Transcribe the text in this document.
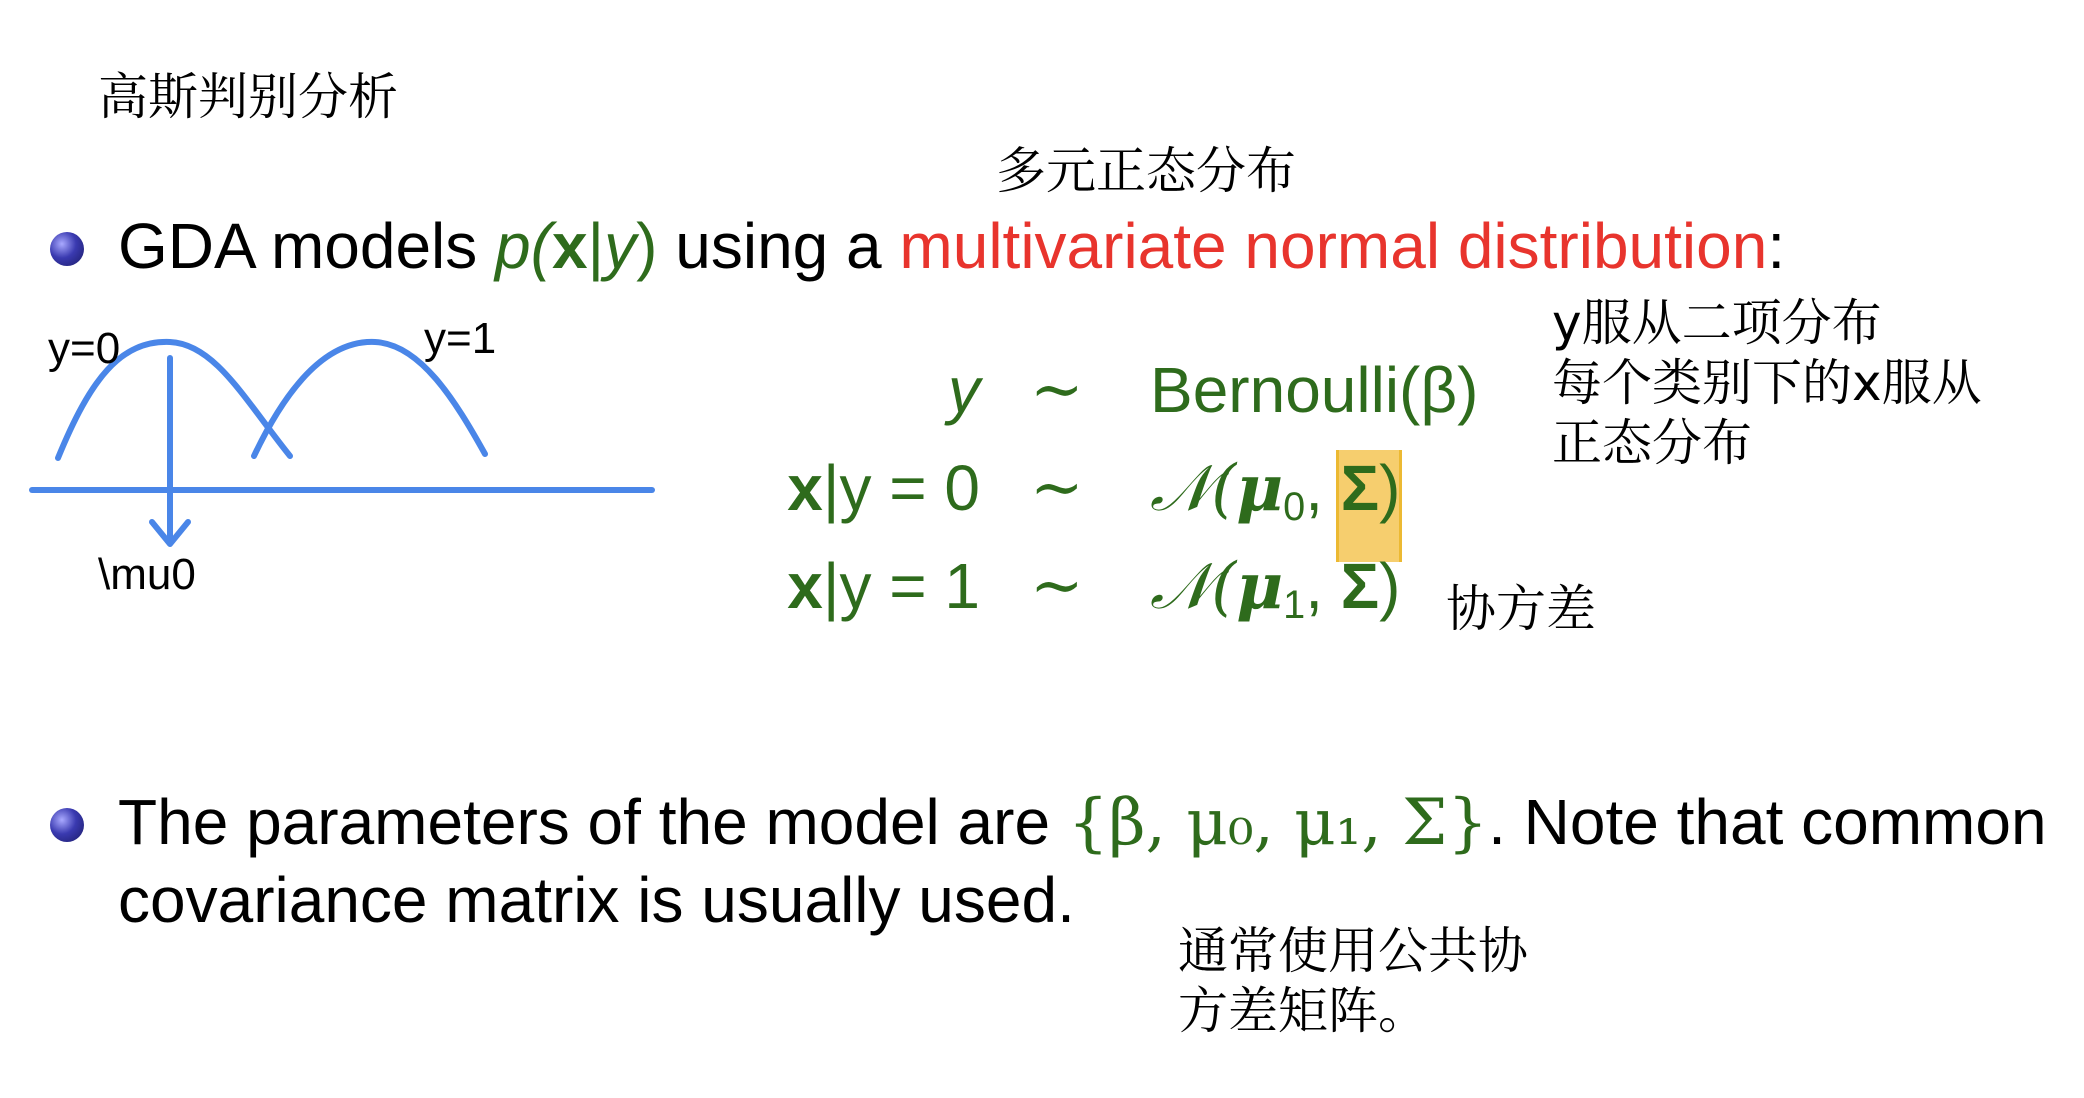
高斯判别分析
多元正态分布
GDA models p(x|y) using a multivariate normal distribution:
y=0	y=1
\mu0
y ∼ Bernoulli(β)
x|y = 0 ∼ $𝒩(\mu_0$, Σ)
x|y = 1 ∼ $𝒩(\mu_1$, Σ)
y服从二项分布
每个类别下的x服从
正态分布
协方差
The parameters of the model are {β, μ₀, μ₁, Σ}. Note that common
covariance matrix is usually used.
通常使用公共协
方差矩阵。
